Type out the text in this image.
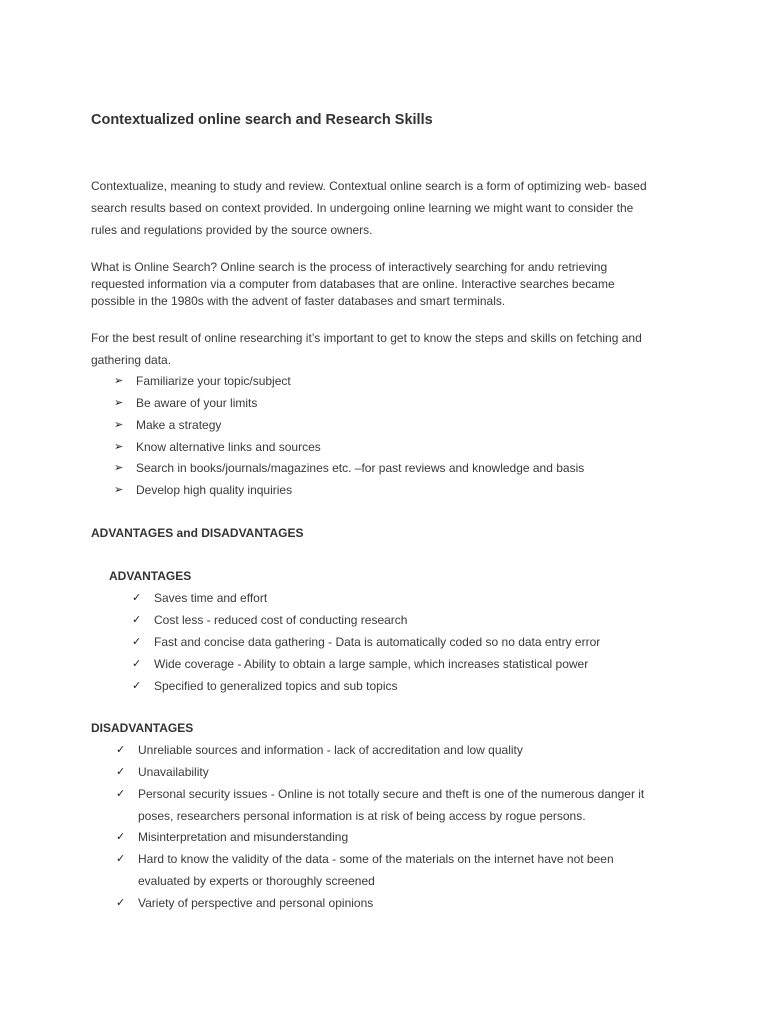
Contextualized online search and Research Skills
Contextualize, meaning to study and review. Contextual online search is a form of optimizing web- based
search results based on context provided. In undergoing online learning we might want to consider the
rules and regulations provided by the source owners.
What is Online Search? Online search is the process of interactively searching for andʋ retrieving
requested information via a computer from databases that are online. Interactive searches became
possible in the 1980s with the advent of faster databases and smart terminals.
For the best result of online researching it’s important to get to know the steps and skills on fetching and
gathering data.
➢ Familiarize your topic/subject
➢ Be aware of your limits
➢ Make a strategy
➢ Know alternative links and sources
➢ Search in books/journals/magazines etc. –for past reviews and knowledge and basis
➢ Develop high quality inquiries
ADVANTAGES and DISADVANTAGES
ADVANTAGES
✓ Saves time and effort
✓ Cost less - reduced cost of conducting research
✓ Fast and concise data gathering - Data is automatically coded so no data entry error
✓ Wide coverage - Ability to obtain a large sample, which increases statistical power
✓ Specified to generalized topics and sub topics
DISADVANTAGES
✓ Unreliable sources and information - lack of accreditation and low quality
✓ Unavailability
✓ Personal security issues - Online is not totally secure and theft is one of the numerous danger it
poses, researchers personal information is at risk of being access by rogue persons.
✓ Misinterpretation and misunderstanding
✓ Hard to know the validity of the data - some of the materials on the internet have not been
evaluated by experts or thoroughly screened
✓ Variety of perspective and personal opinions
